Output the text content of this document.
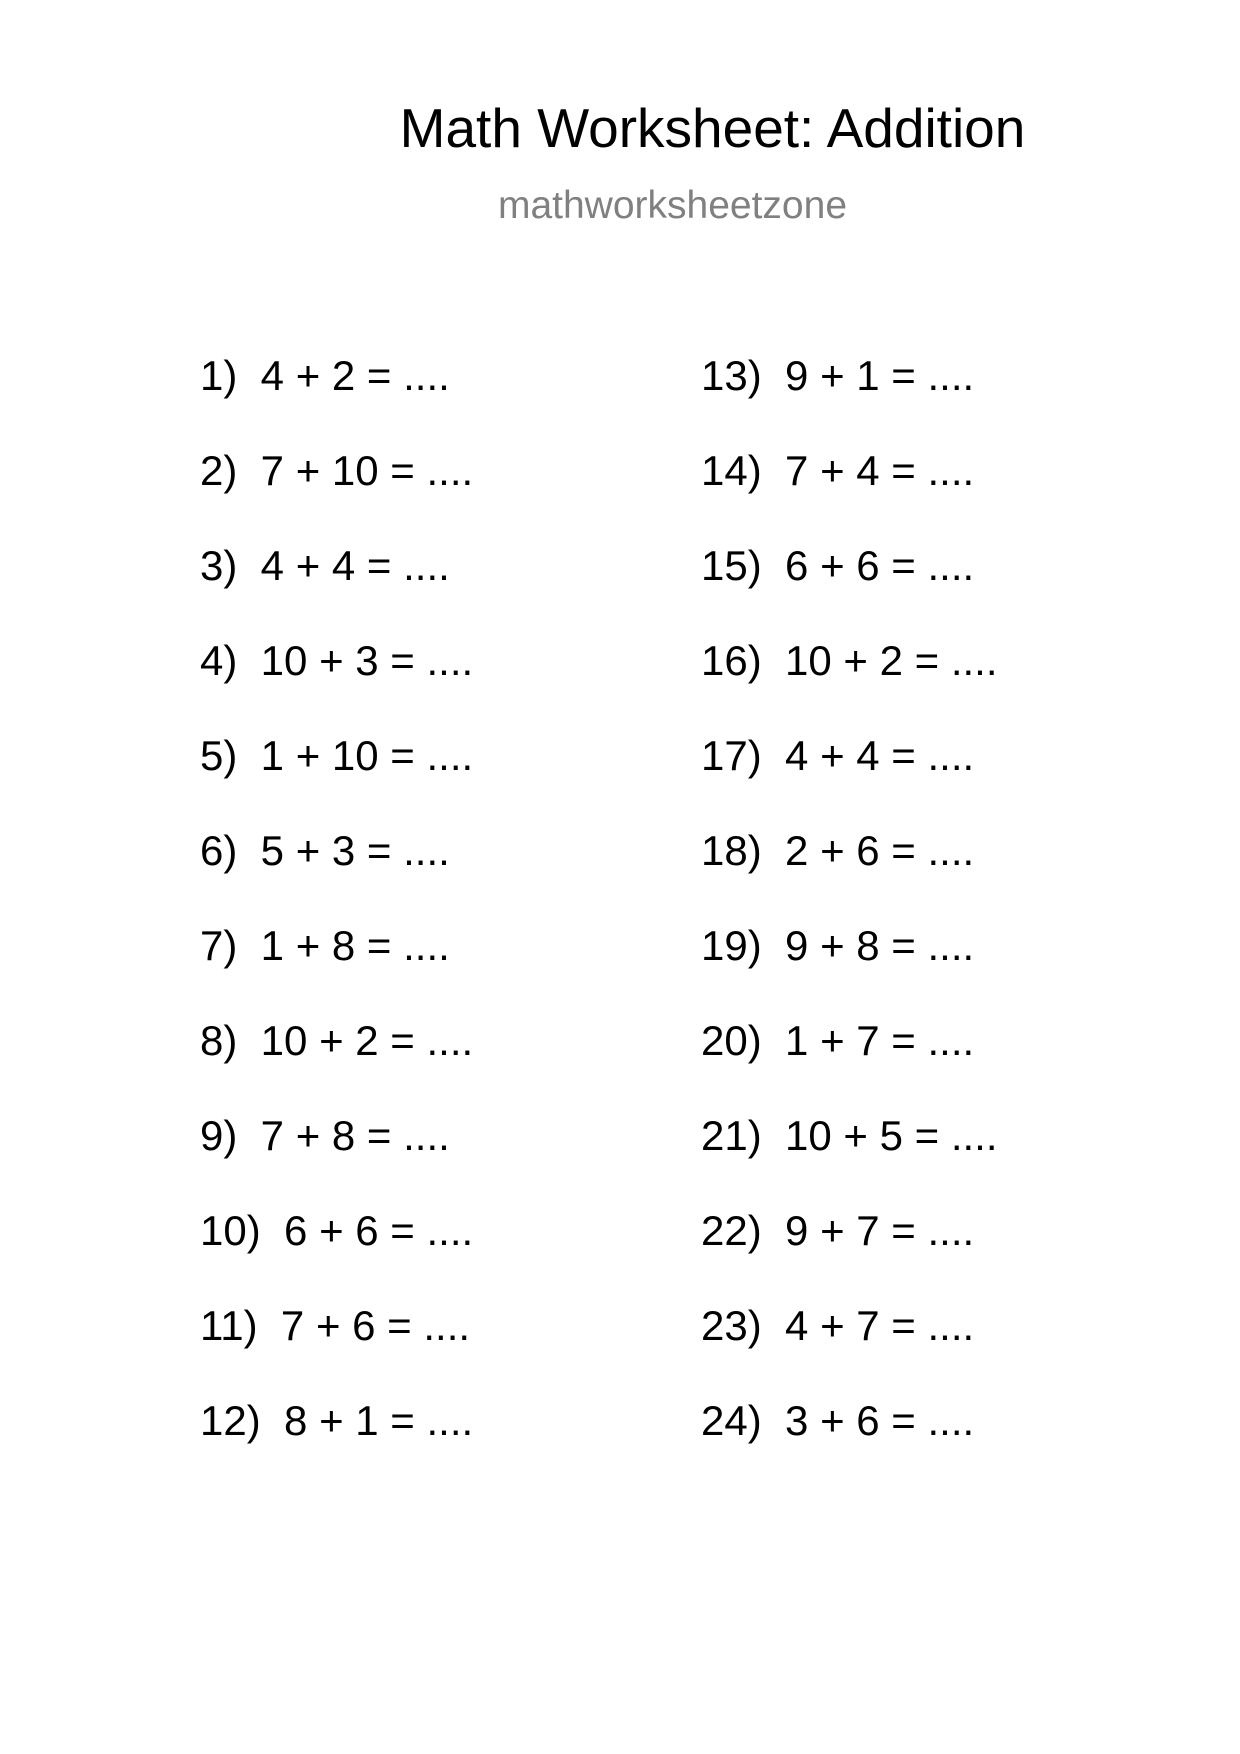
Math Worksheet: Addition
mathworksheetzone
1)  4 + 2 = ....
2)  7 + 10 = ....
3)  4 + 4 = ....
4)  10 + 3 = ....
5)  1 + 10 = ....
6)  5 + 3 = ....
7)  1 + 8 = ....
8)  10 + 2 = ....
9)  7 + 8 = ....
10)  6 + 6 = ....
11)  7 + 6 = ....
12)  8 + 1 = ....
13)  9 + 1 = ....
14)  7 + 4 = ....
15)  6 + 6 = ....
16)  10 + 2 = ....
17)  4 + 4 = ....
18)  2 + 6 = ....
19)  9 + 8 = ....
20)  1 + 7 = ....
21)  10 + 5 = ....
22)  9 + 7 = ....
23)  4 + 7 = ....
24)  3 + 6 = ....
